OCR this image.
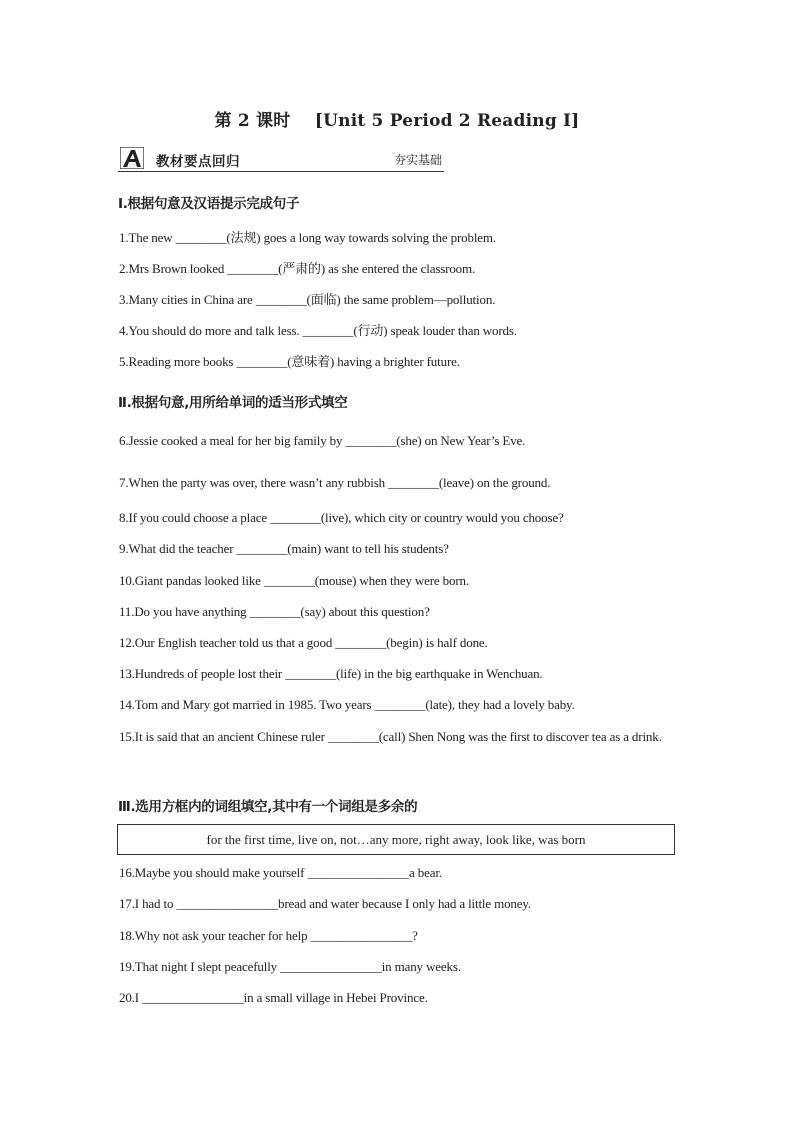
第 2 课时    [Unit 5 Period 2 Reading Ⅰ]
教材要点回归	夯实基础
Ⅰ.根据句意及汉语提示完成句子
1.The new ________(法规) goes a long way towards solving the problem.
2.Mrs Brown looked ________(严肃的) as she entered the classroom.
3.Many cities in China are ________(面临) the same problem—pollution.
4.You should do more and talk less. ________(行动) speak louder than words.
5.Reading more books ________(意味着) having a brighter future.
Ⅱ.根据句意,用所给单词的适当形式填空
6.Jessie cooked a meal for her big family by ________(she) on New Year’s Eve.
7.When the party was over, there wasn’t any rubbish ________(leave) on the ground.
8.If you could choose a place ________(live), which city or country would you choose?
9.What did the teacher ________(main) want to tell his students?
10.Giant pandas looked like ________(mouse) when they were born.
11.Do you have anything ________(say) about this question?
12.Our English teacher told us that a good ________(begin) is half done.
13.Hundreds of people lost their ________(life) in the big earthquake in Wenchuan.
14.Tom and Mary got married in 1985. Two years ________(late), they had a lovely baby.
15.It is said that an ancient Chinese ruler ________(call) Shen Nong was the first to discover tea as a drink.
Ⅲ.选用方框内的词组填空,其中有一个词组是多余的
for the first time, live on, not…any more, right away, look like, was born
16.Maybe you should make yourself ________________a bear.
17.I had to ________________bread and water because I only had a little money.
18.Why not ask your teacher for help ________________?
19.That night I slept peacefully ________________in many weeks.
20.I ________________in a small village in Hebei Province.
